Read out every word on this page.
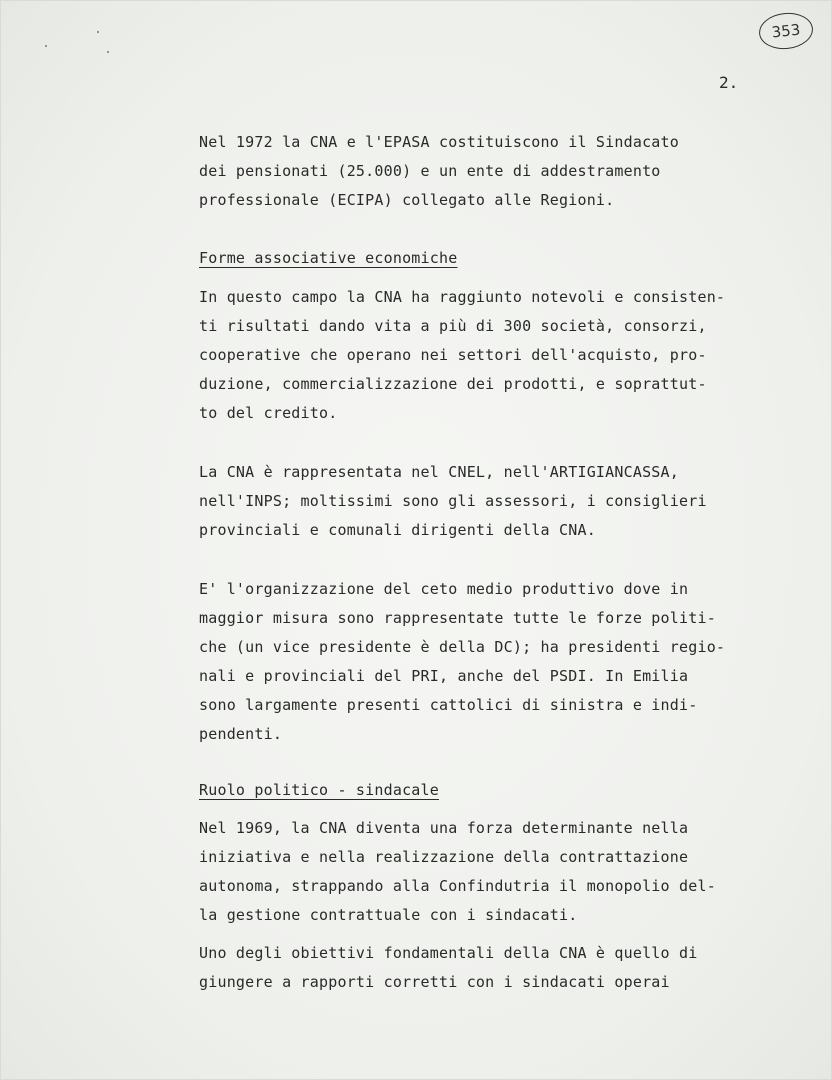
353
2.
Nel 1972 la CNA e l'EPASA costituiscono il Sindacato
dei pensionati (25.000) e un ente di addestramento
professionale (ECIPA) collegato alle Regioni.
Forme associative economiche
In questo campo la CNA ha raggiunto notevoli e consisten-
ti risultati dando vita a più di 300 società, consorzi,
cooperative che operano nei settori dell'acquisto, pro-
duzione, commercializzazione dei prodotti, e soprattut-
to del credito.
La CNA è rappresentata nel CNEL, nell'ARTIGIANCASSA,
nell'INPS; moltissimi sono gli assessori, i consiglieri
provinciali e comunali dirigenti della CNA.
E' l'organizzazione del ceto medio produttivo dove in
maggior misura sono rappresentate tutte le forze politi-
che (un vice presidente è della DC); ha presidenti regio-
nali e provinciali del PRI, anche del PSDI. In Emilia
sono largamente presenti cattolici di sinistra e indi-
pendenti.
Ruolo politico - sindacale
Nel 1969, la CNA diventa una forza determinante nella
iniziativa e nella realizzazione della contrattazione
autonoma, strappando alla Confindutria il monopolio del-
la gestione contrattuale con i sindacati.
Uno degli obiettivi fondamentali della CNA è quello di
giungere a rapporti corretti con i sindacati operai
